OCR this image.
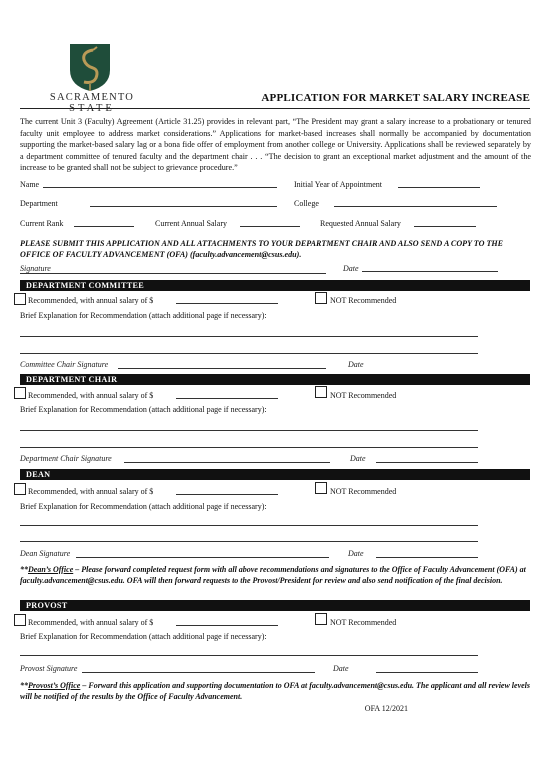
SACRAMENTO
STATE
APPLICATION FOR MARKET SALARY INCREASE
The current Unit 3 (Faculty) Agreement (Article 31.25) provides in relevant part, “The President may grant a salary increase to a probationary or tenured faculty unit employee to address market considerations.” Applications for market-based increases shall normally be accompanied by documentation supporting the market-based salary lag or a bona fide offer of employment from another college or University. Applications shall be reviewed separately by a department committee of tenured faculty and the department chair . . . “The decision to grant an exceptional market adjustment and the amount of the increase to be granted shall not be subject to grievance procedure.”
Name	Initial Year of Appointment
Department	College
Current Rank	Current Annual Salary	Requested Annual Salary
PLEASE SUBMIT THIS APPLICATION AND ALL ATTACHMENTS TO YOUR DEPARTMENT CHAIR AND ALSO SEND A COPY TO THE OFFICE OF FACULTY ADVANCEMENT (OFA) (faculty.advancement@csus.edu).
Signature	Date
DEPARTMENT COMMITTEE
Recommended, with annual salary of $	NOT Recommended
Brief Explanation for Recommendation (attach additional page if necessary):
Committee Chair Signature	Date
DEPARTMENT CHAIR
Recommended, with annual salary of $	NOT Recommended
Brief Explanation for Recommendation (attach additional page if necessary):
Department Chair Signature	Date
DEAN
Recommended, with annual salary of $	NOT Recommended
Brief Explanation for Recommendation (attach additional page if necessary):
Dean Signature	Date
**Dean’s Office – Please forward completed request form with all above recommendations and signatures to the Office of Faculty Advancement (OFA) at faculty.advancement@csus.edu. OFA will then forward requests to the Provost/President for review and also send notification of the final decision.
PROVOST
Recommended, with annual salary of $	NOT Recommended
Brief Explanation for Recommendation (attach additional page if necessary):
Provost Signature	Date
**Provost’s Office – Forward this application and supporting documentation to OFA at faculty.advancement@csus.edu. The applicant and all review levels will be notified of the results by the Office of Faculty Advancement.
OFA 12/2021
